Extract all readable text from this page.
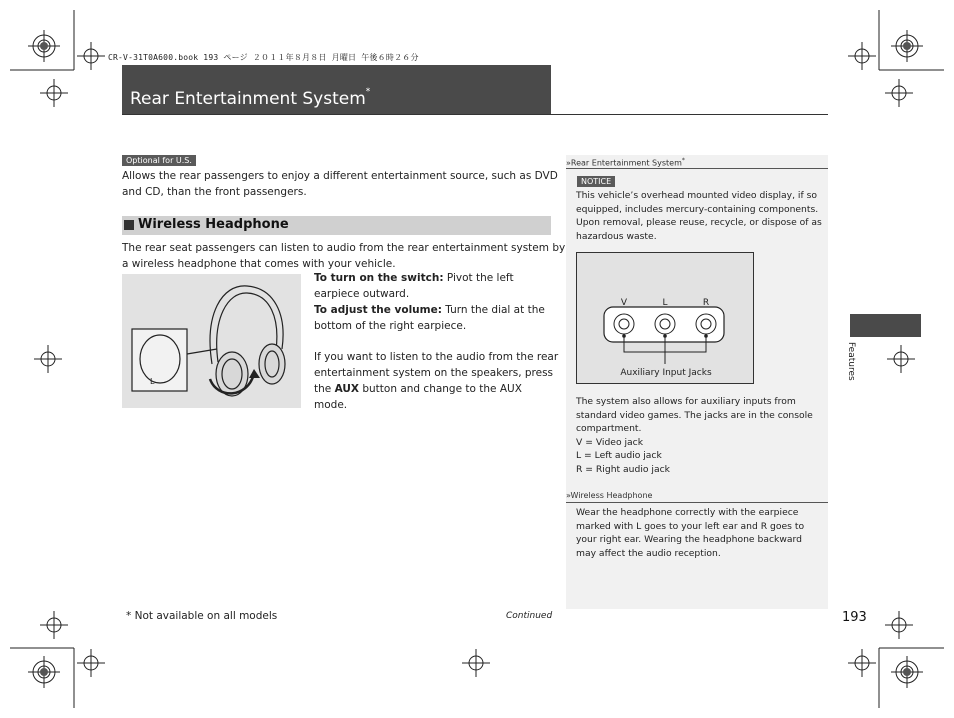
CR-V-31T0A600.book 193 ページ ２０１１年８月８日 月曜日 午後６時２６分
Rear Entertainment System*
Optional for U.S.
Allows the rear passengers to enjoy a different entertainment source, such as DVD
and CD, than the front passengers.
Wireless Headphone
The rear seat passengers can listen to audio from the rear entertainment system by
a wireless headphone that comes with your vehicle.
L
To turn on the switch: Pivot the left
earpiece outward.
To adjust the volume: Turn the dial at the
bottom of the right earpiece.
If you want to listen to the audio from the rear
entertainment system on the speakers, press
the AUX button and change to the AUX
mode.
»Rear Entertainment System*
NOTICE
This vehicle’s overhead mounted video display, if so
equipped, includes mercury-containing components.
Upon removal, please reuse, recycle, or dispose of as
hazardous waste.
V	L	R
Auxiliary Input Jacks
The system also allows for auxiliary inputs from
standard video games. The jacks are in the console
compartment.
V = Video jack
L = Left audio jack
R = Right audio jack
»Wireless Headphone
Wear the headphone correctly with the earpiece
marked with L goes to your left ear and R goes to
your right ear. Wearing the headphone backward
may affect the audio reception.
Features
* Not available on all models	Continued	193
